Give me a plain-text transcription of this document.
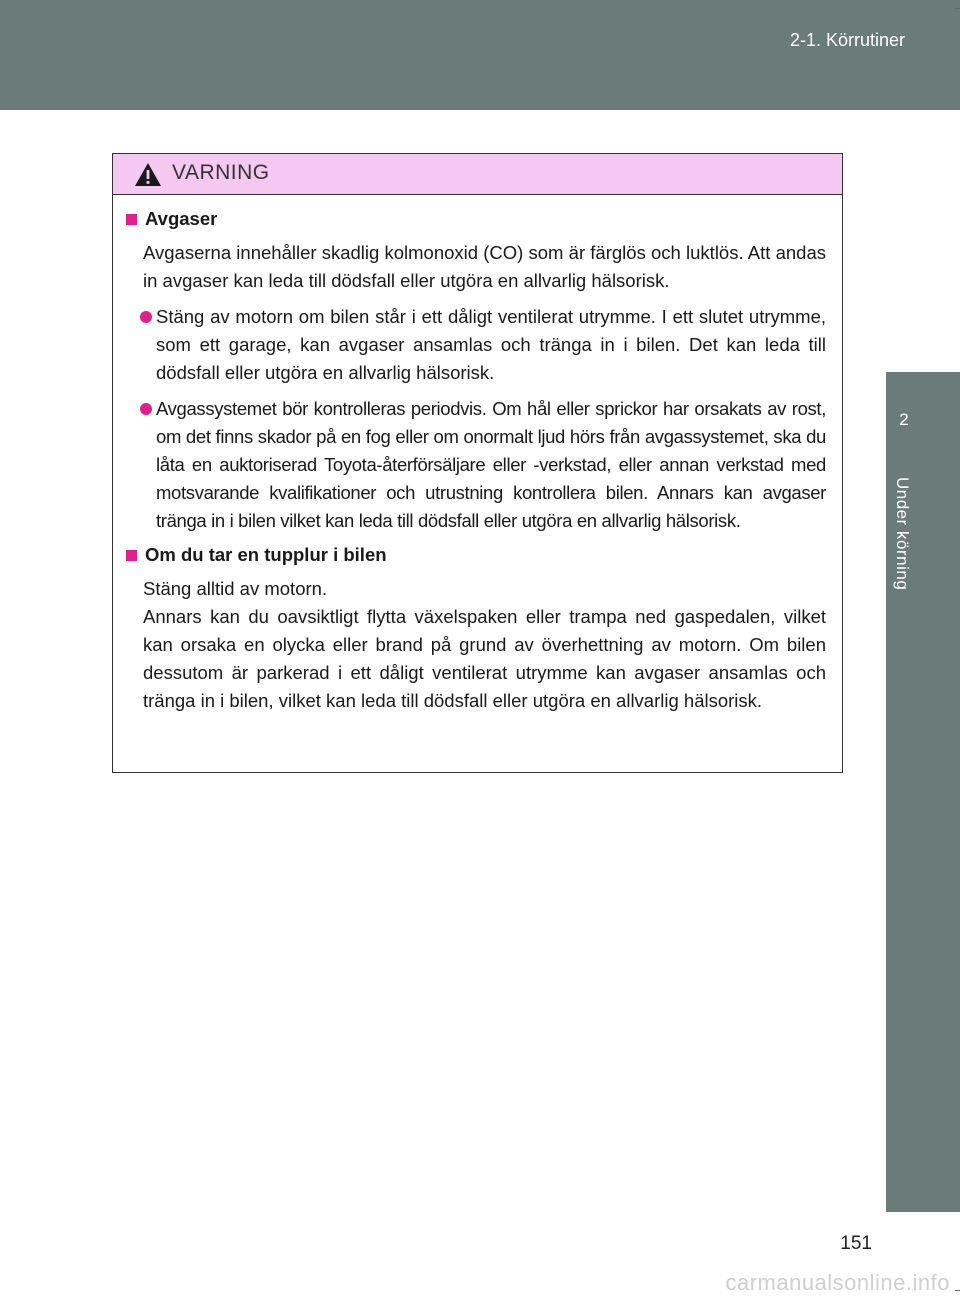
2-1. Körrutiner
2
Under körning
VARNING
Avgaser

Avgaserna innehåller skadlig kolmonoxid (CO) som är färglös och luktlös. Att andas in avgaser kan leda till dödsfall eller utgöra en allvarlig hälsorisk.

Stäng av motorn om bilen står i ett dåligt ventilerat utrymme. I ett slutet utrymme, som ett garage, kan avgaser ansamlas och tränga in i bilen. Det kan leda till dödsfall eller utgöra en allvarlig hälsorisk.
Avgassystemet bör kontrolleras periodvis. Om hål eller sprickor har orsakats av rost, om det finns skador på en fog eller om onormalt ljud hörs från avgassystemet, ska du låta en auktoriserad Toyota-återförsäljare eller -verkstad, eller annan verkstad med motsvarande kvalifikationer och utrustning kontrollera bilen. Annars kan avgaser tränga in i bilen vilket kan leda till dödsfall eller utgöra en allvarlig hälsorisk.
Om du tar en tupplur i bilen

Stäng alltid av motorn.

Annars kan du oavsiktligt flytta växelspaken eller trampa ned gaspedalen, vilket kan orsaka en olycka eller brand på grund av överhettning av motorn. Om bilen dessutom är parkerad i ett dåligt ventilerat utrymme kan avgaser ansamlas och tränga in i bilen, vilket kan leda till dödsfall eller utgöra en allvarlig hälsorisk.

151
carmanualsonline.info
